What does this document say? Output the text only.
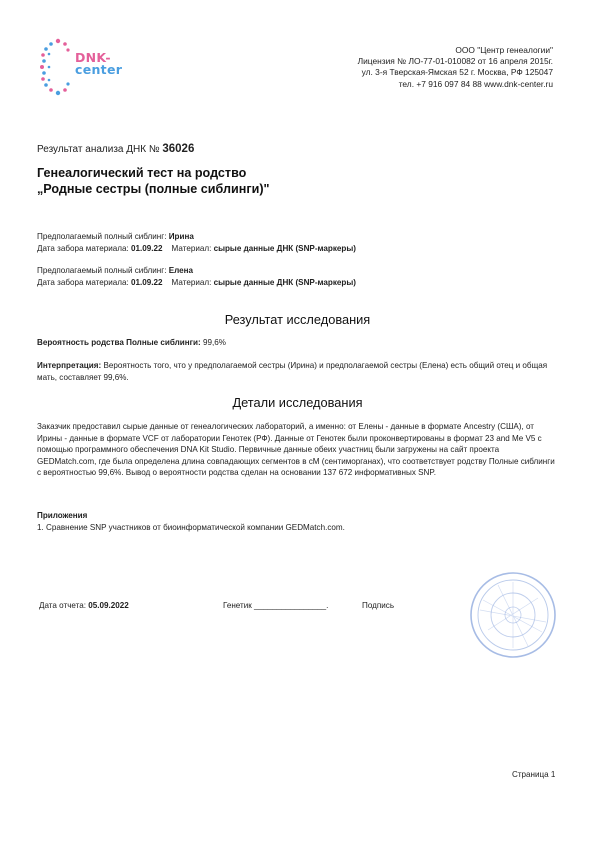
DNK-
center
ООО "Центр генеалогии"
Лицензия № ЛО-77-01-010082 от 16 апреля 2015г.
ул. 3-я Тверская-Ямская 52 г. Москва, РФ 125047
тел. +7 916 097 84 88 www.dnk-center.ru
Результат анализа ДНК № 36026
Генеалогический тест на родство
„Родные сестры (полные сиблинги)"
Предполагаемый полный сиблинг: Ирина
Дата забора материала: 01.09.22 Материал: сырые данные ДНК (SNP-маркеры)
Предполагаемый полный сиблинг: Елена
Дата забора материала: 01.09.22 Материал: сырые данные ДНК (SNP-маркеры)
Результат исследования
Вероятность родства Полные сиблинги: 99,6%
Интерпретация: Вероятность того, что у предполагаемой сестры (Ирина) и предполагаемой сестры (Елена) есть общий отец и общая мать, составляет 99,6%.
Детали исследования
Заказчик предоставил сырые данные от генеалогических лабораторий, а именно: от Елены - данные в формате Ancestry (США), от Ирины - данные в формате VCF от лаборатории Генотек (РФ). Данные от Генотек были проконвертированы в формат 23 and Me V5 с помощью программного обеспечения DNA Kit Studio. Первичные данные обеих участниц были загружены на сайт проекта GEDMatch.com, где была определена длина совпадающих сегментов в сМ (сентиморганах), что соответствует родству Полные сиблинги с вероятностью 99,6%. Вывод о вероятности родства сделан на основании 137 672 информативных SNP.
Приложения
1. Сравнение SNP участников от биоинформатической компании GEDMatch.com.
Дата отчета: 05.09.2022	Генетик ________________.	Подпись
Страница 1
